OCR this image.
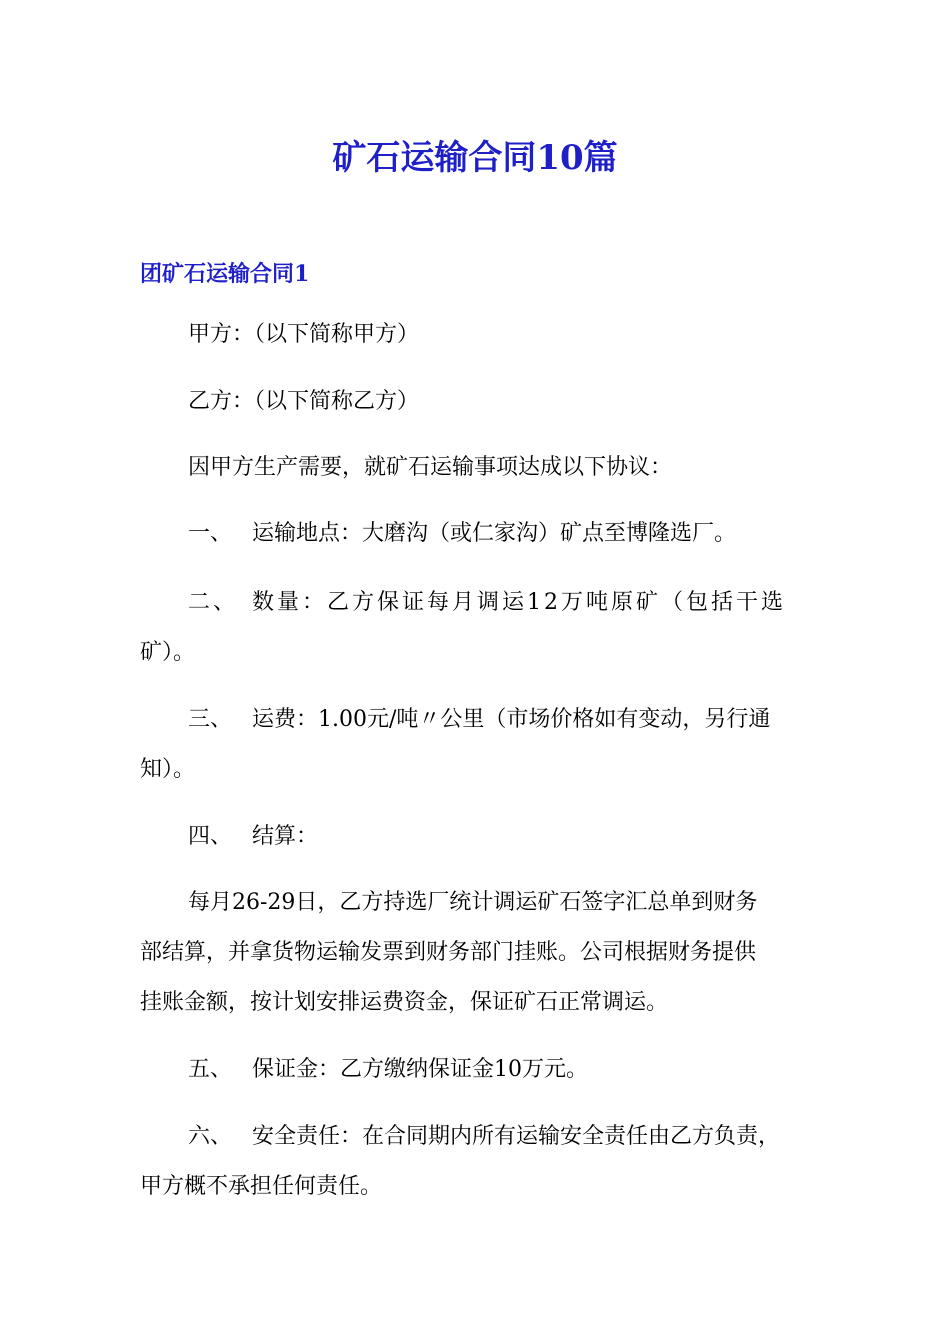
矿石运输合同10篇
团矿石运输合同1

甲方：（以下简称甲方）

乙方：（以下简称乙方）

因甲方生产需要，就矿石运输事项达成以下协议：

一、 运输地点：大磨沟（或仁家沟）矿点至博隆选厂。

二、 数量：乙方保证每月调运12万吨原矿（包括干选

矿）。

三、 运费：1.00元/吨〃公里（市场价格如有变动，另行通

知）。

四、 结算：

每月26-29日，乙方持选厂统计调运矿石签字汇总单到财务

部结算，并拿货物运输发票到财务部门挂账。公司根据财务提供

挂账金额，按计划安排运费资金，保证矿石正常调运。

五、 保证金：乙方缴纳保证金10万元。

六、 安全责任：在合同期内所有运输安全责任由乙方负责，

甲方概不承担任何责任。
